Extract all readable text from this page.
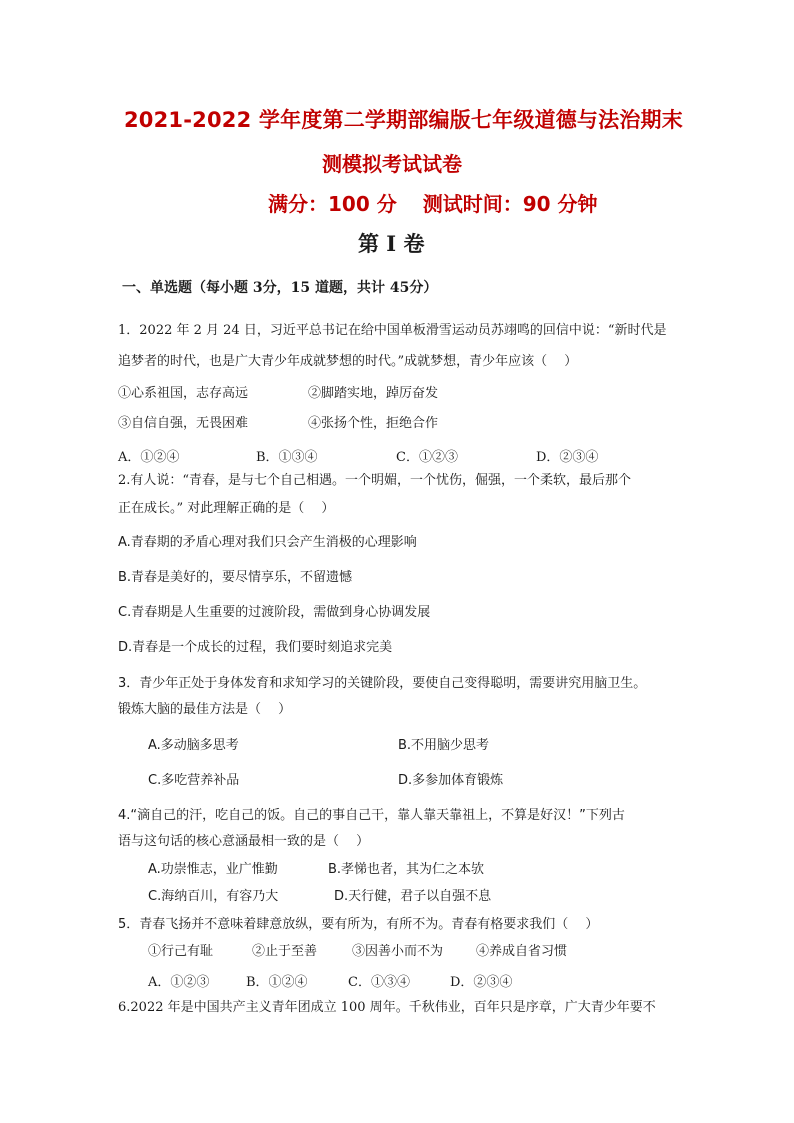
2021-2022 学年度第二学期部编版七年级道德与法治期末
测模拟考试试卷
满分：100 分 测试时间：90 分钟
第 I 卷
一、单选题（每小题 3分，15 道题，共计 45分）
1．2022 年 2 月 24 日，习近平总书记在给中国单板滑雪运动员苏翊鸣的回信中说：“新时代是
追梦者的时代，也是广大青少年成就梦想的时代。”成就梦想，青少年应该（　 ）
①心系祖国，志存高远	②脚踏实地，踔厉奋发
③自信自强，无畏困难	④张扬个性，拒绝合作
A．①②④	B．①③④	C．①②③	D．②③④
2.有人说：“青春，是与七个自己相遇。一个明媚，一个忧伤，倔强，一个柔软，最后那个
正在成长。” 对此理解正确的是（　 ）
A.青春期的矛盾心理对我们只会产生消极的心理影响
B.青春是美好的，要尽情享乐，不留遗憾
C.青春期是人生重要的过渡阶段，需做到身心协调发展
D.青春是一个成长的过程，我们要时刻追求完美
3．青少年正处于身体发育和求知学习的关键阶段，要使自己变得聪明，需要讲究用脑卫生。
锻炼大脑的最佳方法是（　 ）
A.多动脑多思考	B.不用脑少思考
C.多吃营养补品	D.多参加体育锻炼
4.“滴自己的汗，吃自己的饭。自己的事自己干，靠人靠天靠祖上，不算是好汉！”下列古
语与这句话的核心意涵最相一致的是（　 ）
A.功崇惟志，业广惟勤	B.孝悌也者，其为仁之本欤
C.海纳百川，有容乃大	D.天行健，君子以自强不息
5．青春飞扬并不意味着肆意放纵，要有所为，有所不为。青春有格要求我们（　 ）
①行己有耻	②止于至善	③因善小而不为	④养成自省习惯
A．①②③	B．①②④	C．①③④	D．②③④
6.2022 年是中国共产主义青年团成立 100 周年。千秋伟业，百年只是序章，广大青少年要不
